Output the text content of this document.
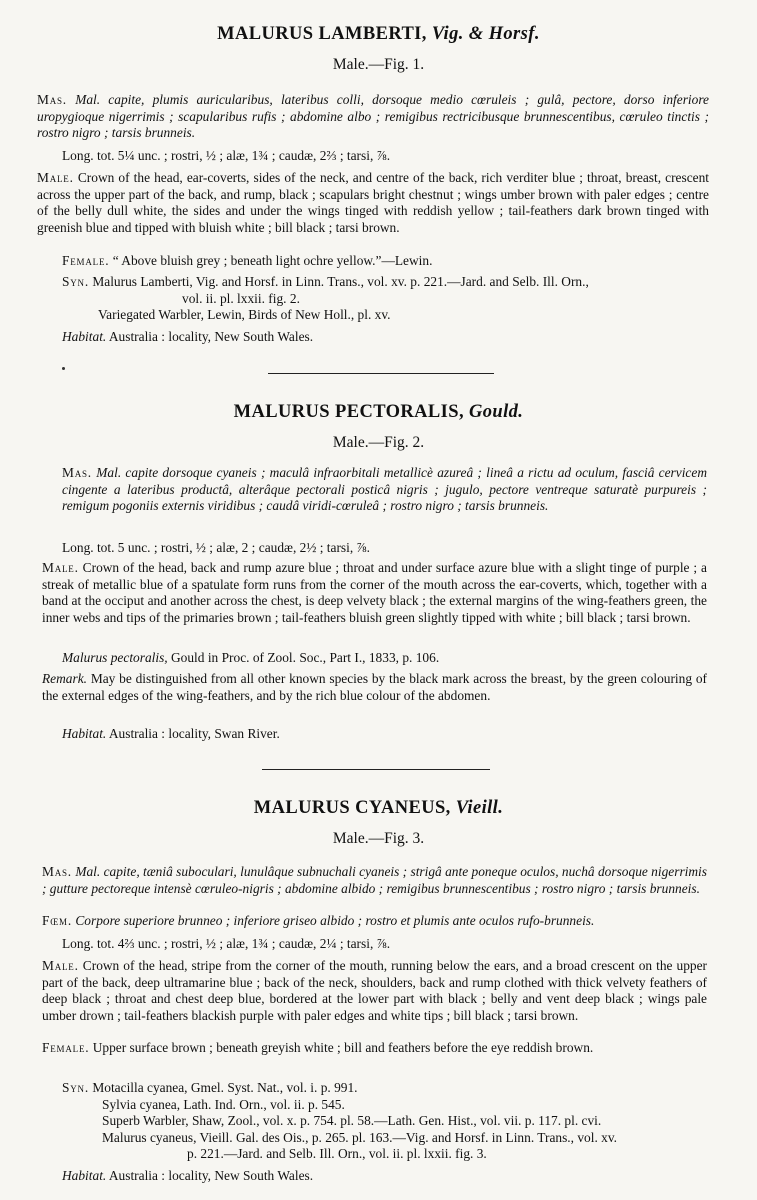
MALURUS LAMBERTI, Vig. & Horsf.
Male.—Fig. 1.

Mas. Mal. capite, plumis auricularibus, lateribus colli, dorsoque medio cœruleis ; gulâ, pectore, dorso inferiore uropygioque nigerrimis ; scapularibus rufis ; abdomine albo ; remigibus rectricibusque brunnescentibus, cœruleo tinctis ; rostro nigro ; tarsis brunneis.

Long. tot. 5¼ unc. ; rostri, ½ ; alæ, 1¾ ; caudæ, 2⅔ ; tarsi, ⅞.

Male. Crown of the head, ear-coverts, sides of the neck, and centre of the back, rich verditer blue ; throat, breast, crescent across the upper part of the back, and rump, black ; scapulars bright chestnut ; wings umber brown with paler edges ; centre of the belly dull white, the sides and under the wings tinged with reddish yellow ; tail-feathers dark brown tinged with greenish blue and tipped with bluish white ; bill black ; tarsi brown.

Female. “ Above bluish grey ; beneath light ochre yellow.”—Lewin.

Syn. Malurus Lamberti, Vig. and Horsf. in Linn. Trans., vol. xv. p. 221.—Jard. and Selb. Ill. Orn.,
vol. ii. pl. lxxii. fig. 2.
Variegated Warbler, Lewin, Birds of New Holl., pl. xv.

Habitat. Australia : locality, New South Wales.

MALURUS PECTORALIS, Gould.
Male.—Fig. 2.

Mas. Mal. capite dorsoque cyaneis ; maculâ infraorbitali metallicè azureâ ; lineâ a rictu ad oculum, fasciâ cervicem cingente a lateribus productâ, alterâque pectorali posticâ nigris ; jugulo, pectore ventreque saturatè purpureis ; remigum pogoniis externis viridibus ; caudâ viridi-cœruleâ ; rostro nigro ; tarsis brunneis.

Long. tot. 5 unc. ; rostri, ½ ; alæ, 2 ; caudæ, 2½ ; tarsi, ⅞.

Male. Crown of the head, back and rump azure blue ; throat and under surface azure blue with a slight tinge of purple ; a streak of metallic blue of a spatulate form runs from the corner of the mouth across the ear-coverts, which, together with a band at the occiput and another across the chest, is deep velvety black ; the external margins of the wing-feathers green, the inner webs and tips of the primaries brown ; tail-feathers bluish green slightly tipped with white ; bill black ; tarsi brown.

Malurus pectoralis, Gould in Proc. of Zool. Soc., Part I., 1833, p. 106.

Remark. May be distinguished from all other known species by the black mark across the breast, by the green colouring of the external edges of the wing-feathers, and by the rich blue colour of the abdomen.

Habitat. Australia : locality, Swan River.

MALURUS CYANEUS, Vieill.
Male.—Fig. 3.

Mas. Mal. capite, tæniâ suboculari, lunulâque subnuchali cyaneis ; strigâ ante poneque oculos, nuchâ dorsoque nigerrimis ; gutture pectoreque intensè cœruleo-nigris ; abdomine albido ; remigibus brunnescentibus ; rostro nigro ; tarsis brunneis.

Fœm. Corpore superiore brunneo ; inferiore griseo albido ; rostro et plumis ante oculos rufo-brunneis.

Long. tot. 4⅔ unc. ; rostri, ½ ; alæ, 1¾ ; caudæ, 2¼ ; tarsi, ⅞.

Male. Crown of the head, stripe from the corner of the mouth, running below the ears, and a broad crescent on the upper part of the back, deep ultramarine blue ; back of the neck, shoulders, back and rump clothed with thick velvety feathers of deep black ; throat and chest deep blue, bordered at the lower part with black ; belly and vent deep black ; wings pale umber drown ; tail-feathers blackish purple with paler edges and white tips ; bill black ; tarsi brown.

Female. Upper surface brown ; beneath greyish white ; bill and feathers before the eye reddish brown.

Syn. Motacilla cyanea, Gmel. Syst. Nat., vol. i. p. 991.
Sylvia cyanea, Lath. Ind. Orn., vol. ii. p. 545.
Superb Warbler, Shaw, Zool., vol. x. p. 754. pl. 58.—Lath. Gen. Hist., vol. vii. p. 117. pl. cvi.
Malurus cyaneus, Vieill. Gal. des Ois., p. 265. pl. 163.—Vig. and Horsf. in Linn. Trans., vol. xv.
p. 221.—Jard. and Selb. Ill. Orn., vol. ii. pl. lxxii. fig. 3.

Habitat. Australia : locality, New South Wales.
